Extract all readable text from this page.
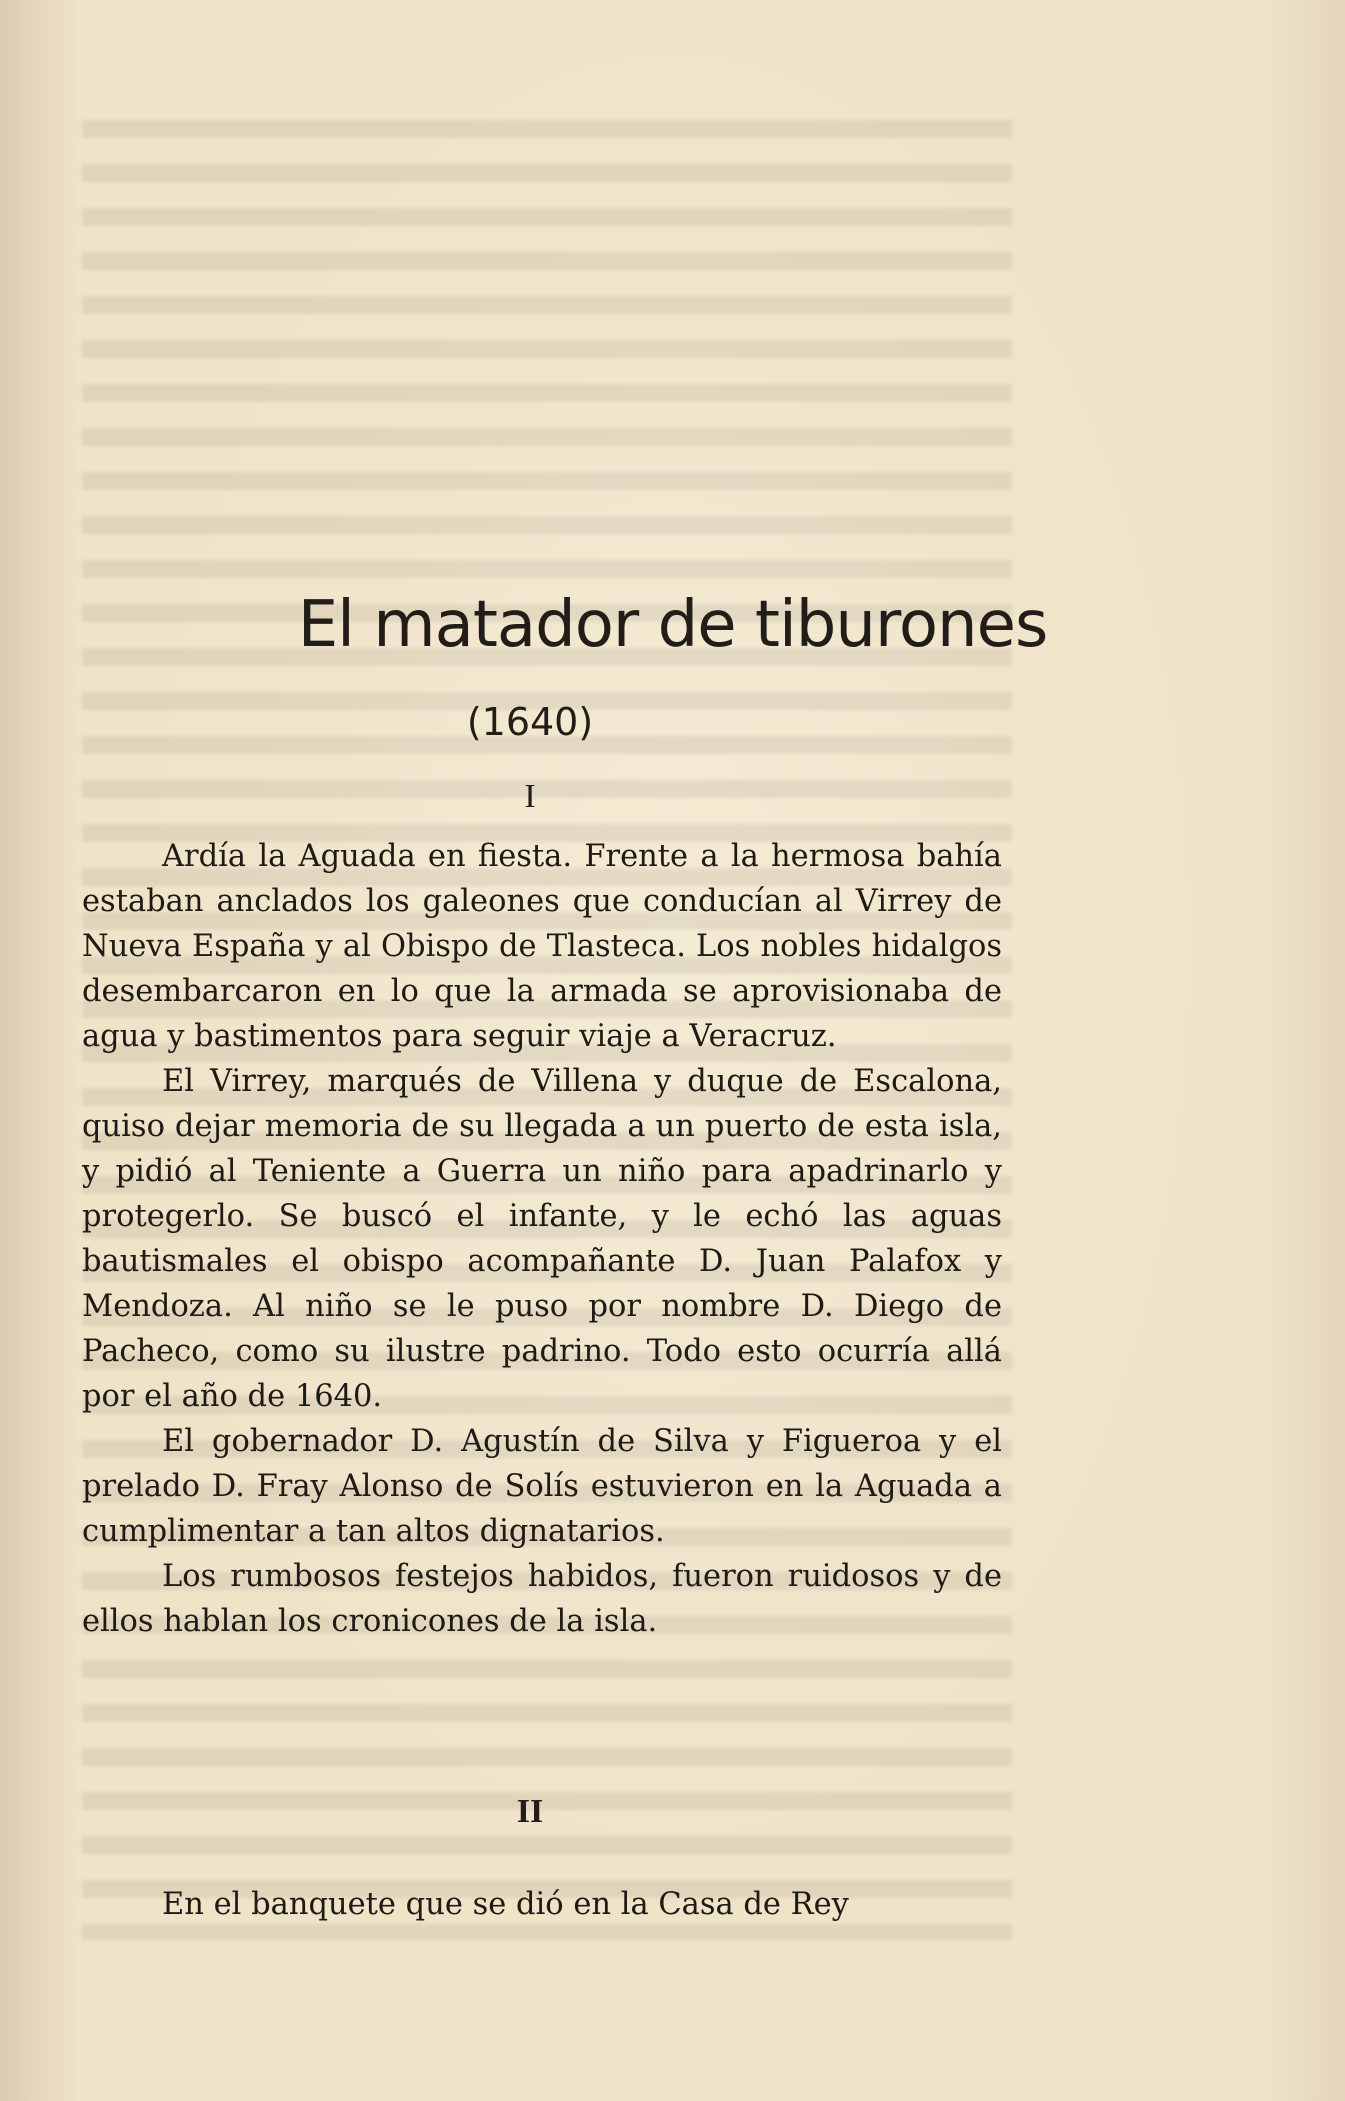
El matador de tiburones
(1640)
I

Ardía la Aguada en fiesta. Frente a la hermosa bahía estaban anclados los galeones que conducían al Virrey de Nueva España y al Obispo de Tlasteca. Los nobles hidalgos desembarcaron en lo que la armada se aprovisionaba de agua y bastimentos para seguir viaje a Veracruz.

El Virrey, marqués de Villena y duque de Escalona, quiso dejar memoria de su llegada a un puerto de esta isla, y pidió al Teniente a Guerra un niño para apadrinarlo y protegerlo. Se buscó el infante, y le echó las aguas bautismales el obispo acompañante D. Juan Palafox y Mendoza. Al niño se le puso por nombre D. Diego de Pacheco, como su ilustre padrino. Todo esto ocurría allá por el año de 1640.

El gobernador D. Agustín de Silva y Figueroa y el prelado D. Fray Alonso de Solís estuvieron en la Aguada a cumplimentar a tan altos dignatarios.

Los rumbosos festejos habidos, fueron ruidosos y de ellos hablan los cronicones de la isla.

II

En el banquete que se dió en la Casa de Rey
